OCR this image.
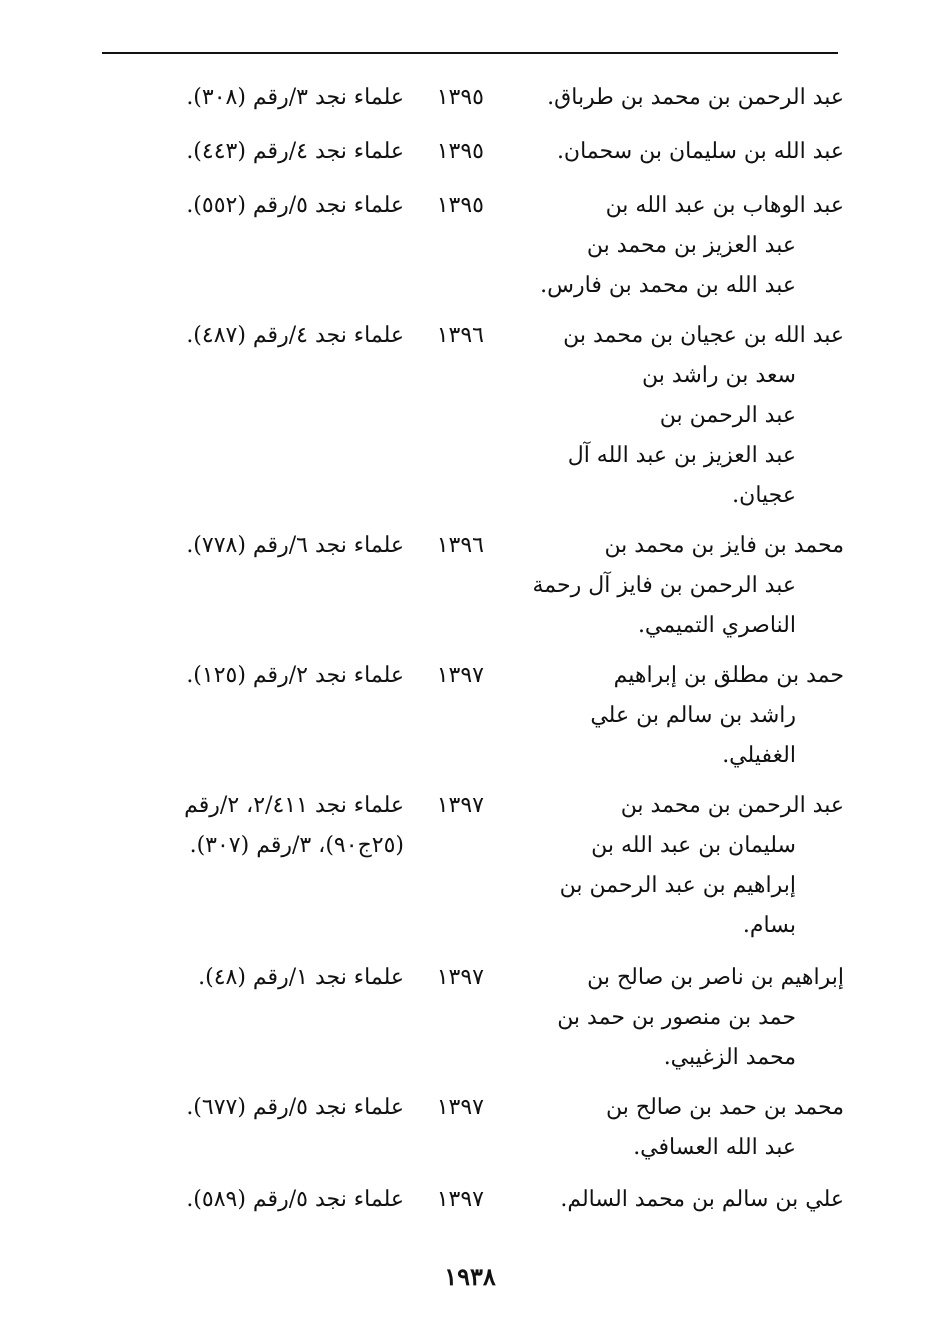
عبد الرحمن بن محمد بن طرباق.
١٣٩٥
علماء نجد ٣/رقم (٣٠٨).
عبد الله بن سليمان بن سحمان.
١٣٩٥
علماء نجد ٤/رقم (٤٤٣).
عبد الوهاب بن عبد الله بن
عبد العزيز بن محمد بن
عبد الله بن محمد بن فارس.
١٣٩٥
علماء نجد ٥/رقم (٥٥٢).
عبد الله بن عجيان بن محمد بن
سعد بن راشد بن
عبد الرحمن بن
عبد العزيز بن عبد الله آل
عجيان.
١٣٩٦
علماء نجد ٤/رقم (٤٨٧).
محمد بن فايز بن محمد بن
عبد الرحمن بن فايز آل رحمة
الناصري التميمي.
١٣٩٦
علماء نجد ٦/رقم (٧٧٨).
حمد بن مطلق بن إبراهيم
راشد بن سالم بن علي
الغفيلي.
١٣٩٧
علماء نجد ٢/رقم (١٢٥).
عبد الرحمن بن محمد بن
سليمان بن عبد الله بن
إبراهيم بن عبد الرحمن بن
بسام.
١٣٩٧
علماء نجد ٢/٤١١، ٢/رقم
(٢٥ج٩٠)، ٣/رقم (٣٠٧).
إبراهيم بن ناصر بن صالح بن
حمد بن منصور بن حمد بن
محمد الزغيبي.
١٣٩٧
علماء نجد ١/رقم (٤٨).
محمد بن حمد بن صالح بن
عبد الله العسافي.
١٣٩٧
علماء نجد ٥/رقم (٦٧٧).
علي بن سالم بن محمد السالم.
١٣٩٧
علماء نجد ٥/رقم (٥٨٩).
١٩٣٨
